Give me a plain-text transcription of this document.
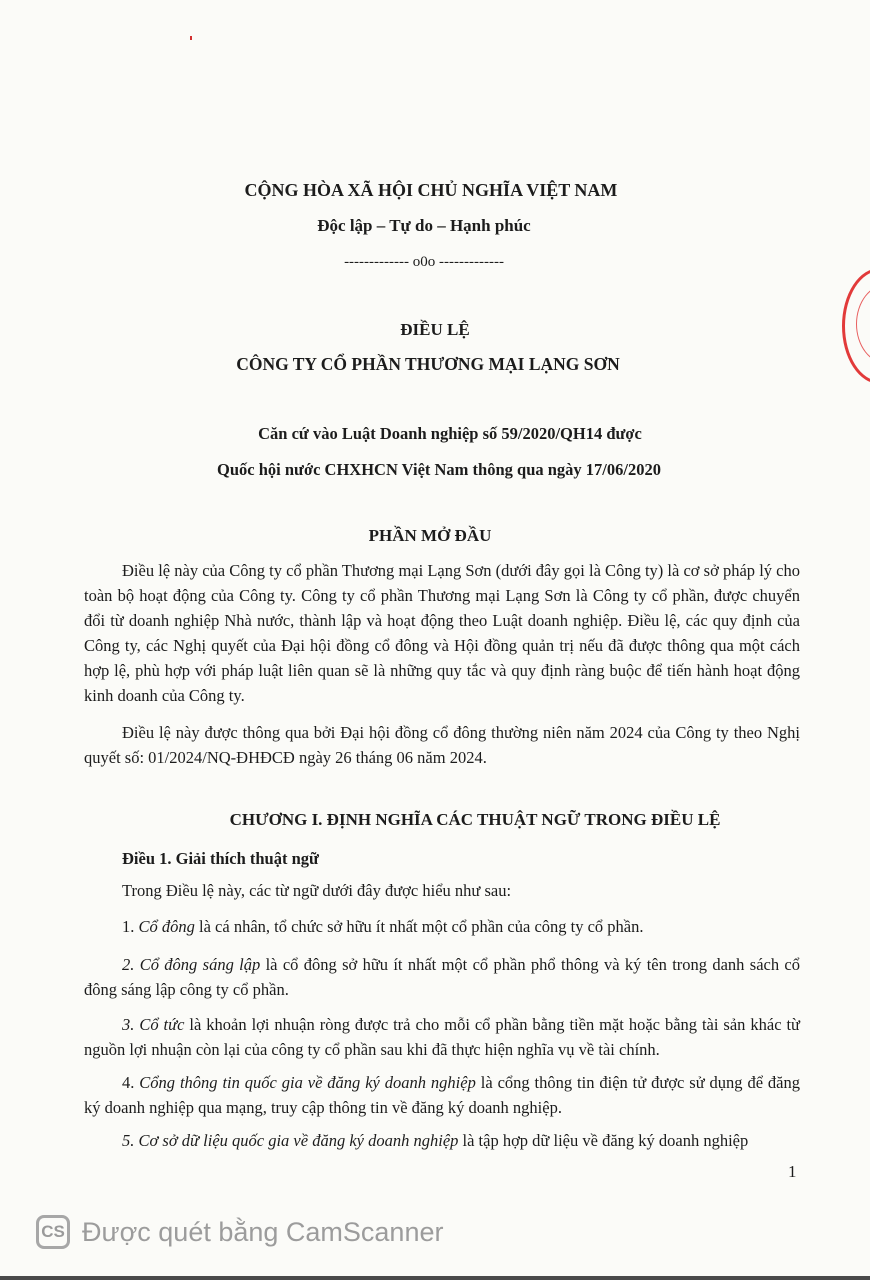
CỘNG HÒA XÃ HỘI CHỦ NGHĨA VIỆT NAM
Độc lập – Tự do – Hạnh phúc
------------- o0o -------------
ĐIỀU LỆ
CÔNG TY CỔ PHẦN THƯƠNG MẠI LẠNG SƠN
Căn cứ vào Luật Doanh nghiệp số 59/2020/QH14 được
Quốc hội nước CHXHCN Việt Nam thông qua ngày 17/06/2020
PHẦN MỞ ĐẦU
Điều lệ này của Công ty cổ phần Thương mại Lạng Sơn (dưới đây gọi là Công ty) là cơ sở pháp lý cho toàn bộ hoạt động của Công ty. Công ty cổ phần Thương mại Lạng Sơn là Công ty cổ phần, được chuyển đổi từ doanh nghiệp Nhà nước, thành lập và hoạt động theo Luật doanh nghiệp. Điều lệ, các quy định của Công ty, các Nghị quyết của Đại hội đồng cổ đông và Hội đồng quản trị nếu đã được thông qua một cách hợp lệ, phù hợp với pháp luật liên quan sẽ là những quy tắc và quy định ràng buộc để tiến hành hoạt động kinh doanh của Công ty.
Điều lệ này được thông qua bởi Đại hội đồng cổ đông thường niên năm 2024 của Công ty theo Nghị quyết số: 01/2024/NQ-ĐHĐCĐ ngày 26 tháng 06 năm 2024.
CHƯƠNG I. ĐỊNH NGHĨA CÁC THUẬT NGỮ TRONG ĐIỀU LỆ
Điều 1. Giải thích thuật ngữ
Trong Điều lệ này, các từ ngữ dưới đây được hiểu như sau:
1. Cổ đông là cá nhân, tổ chức sở hữu ít nhất một cổ phần của công ty cổ phần.
2. Cổ đông sáng lập là cổ đông sở hữu ít nhất một cổ phần phổ thông và ký tên trong danh sách cổ đông sáng lập công ty cổ phần.
3. Cổ tức là khoản lợi nhuận ròng được trả cho mỗi cổ phần bằng tiền mặt hoặc bằng tài sản khác từ nguồn lợi nhuận còn lại của công ty cổ phần sau khi đã thực hiện nghĩa vụ về tài chính.
4. Cổng thông tin quốc gia về đăng ký doanh nghiệp là cổng thông tin điện tử được sử dụng để đăng ký doanh nghiệp qua mạng, truy cập thông tin về đăng ký doanh nghiệp.
5. Cơ sở dữ liệu quốc gia về đăng ký doanh nghiệp là tập hợp dữ liệu về đăng ký doanh nghiệp
1
CS Được quét bằng CamScanner
